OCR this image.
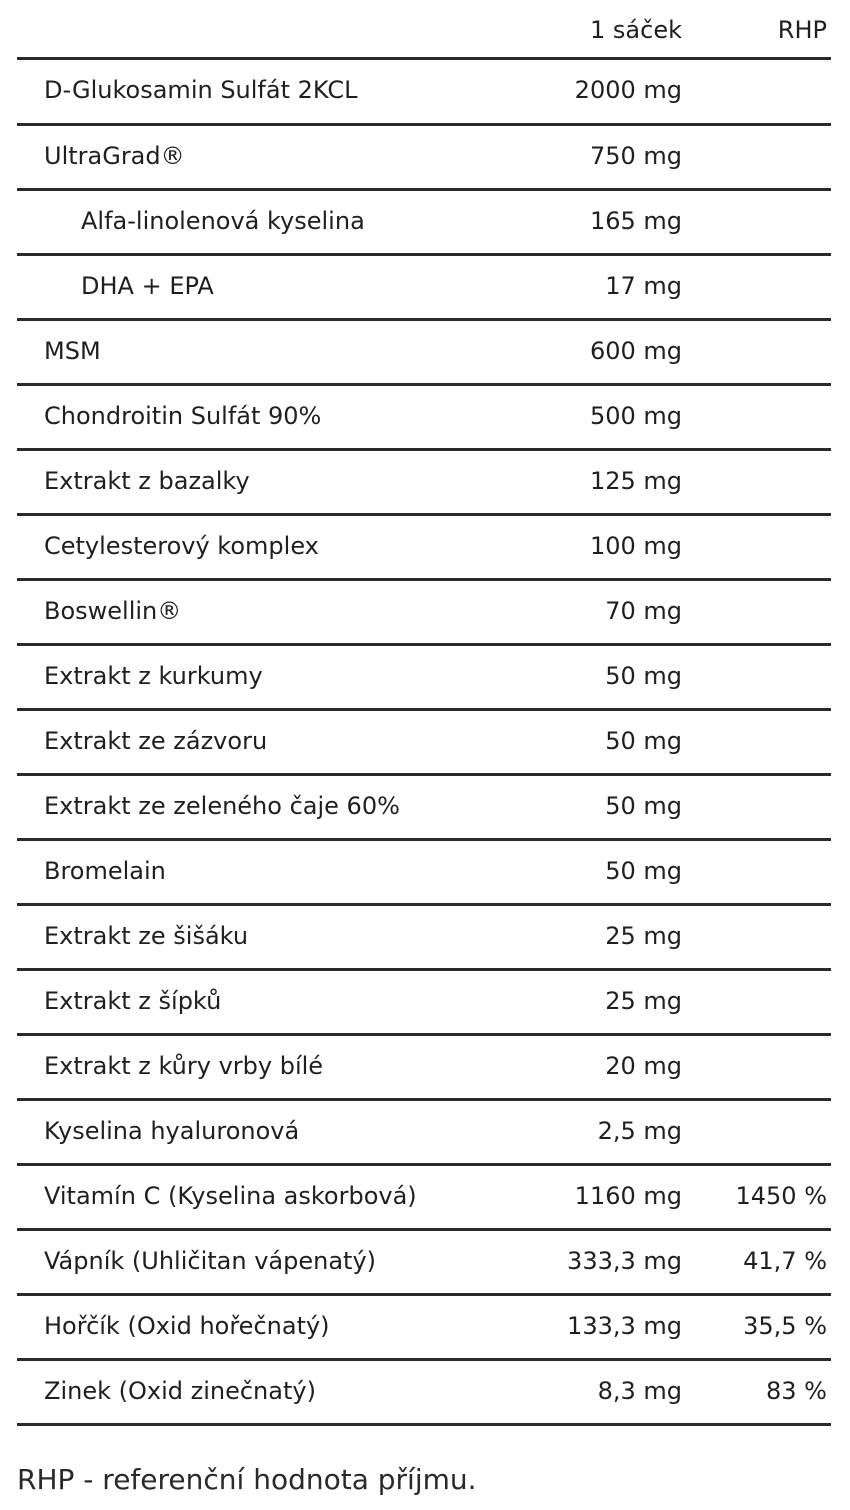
1 sáček	RHP
D-Glukosamin Sulfát 2KCL	2000 mg
UltraGrad®	750 mg
Alfa-linolenová kyselina	165 mg
DHA + EPA	17 mg
MSM	600 mg
Chondroitin Sulfát 90%	500 mg
Extrakt z bazalky	125 mg
Cetylesterový komplex	100 mg
Boswellin®	70 mg
Extrakt z kurkumy	50 mg
Extrakt ze zázvoru	50 mg
Extrakt ze zeleného čaje 60%	50 mg
Bromelain	50 mg
Extrakt ze šišáku	25 mg
Extrakt z šípků	25 mg
Extrakt z kůry vrby bílé	20 mg
Kyselina hyaluronová	2,5 mg
Vitamín C (Kyselina askorbová)	1160 mg 1450 %
Vápník (Uhličitan vápenatý)	333,3 mg	41,7 %
Hořčík (Oxid hořečnatý)	133,3 mg	35,5 %
Zinek (Oxid zinečnatý)	8,3 mg	83 %
RHP - referenční hodnota příjmu.
